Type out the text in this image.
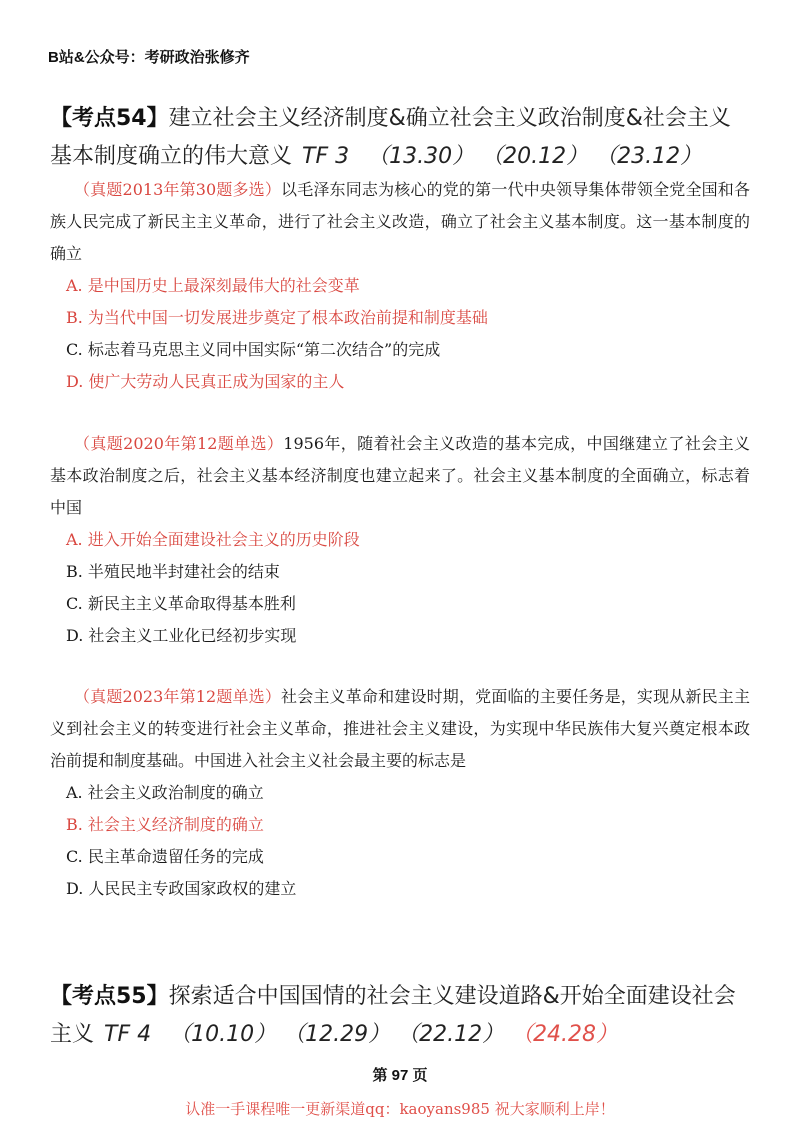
B站&公众号：考研政治张修齐
【考点54】建立社会主义经济制度&确立社会主义政治制度&社会主义基本制度确立的伟大意义 TF 3 （13.30） （20.12） （23.12）

（真题2013年第30题多选）以毛泽东同志为核心的党的第一代中央领导集体带领全党全国和各族人民完成了新民主主义革命，进行了社会主义改造，确立了社会主义基本制度。这一基本制度的确立

A. 是中国历史上最深刻最伟大的社会变革
B. 为当代中国一切发展进步奠定了根本政治前提和制度基础
C. 标志着马克思主义同中国实际“第二次结合”的完成
D. 使广大劳动人民真正成为国家的主人

（真题2020年第12题单选）1956年，随着社会主义改造的基本完成，中国继建立了社会主义基本政治制度之后，社会主义基本经济制度也建立起来了。社会主义基本制度的全面确立，标志着中国

A. 进入开始全面建设社会主义的历史阶段
B. 半殖民地半封建社会的结束
C. 新民主主义革命取得基本胜利
D. 社会主义工业化已经初步实现

（真题2023年第12题单选）社会主义革命和建设时期，党面临的主要任务是，实现从新民主主义到社会主义的转变进行社会主义革命，推进社会主义建设，为实现中华民族伟大复兴奠定根本政治前提和制度基础。中国进入社会主义社会最主要的标志是

A. 社会主义政治制度的确立
B. 社会主义经济制度的确立
C. 民主革命遗留任务的完成
D. 人民民主专政国家政权的建立
【考点55】探索适合中国国情的社会主义建设道路&开始全面建设社会主义 TF 4 （10.10） （12.29） （22.12） （24.28）
第 97 页
认准一手课程唯一更新渠道qq：kaoyans985 祝大家顺利上岸！
